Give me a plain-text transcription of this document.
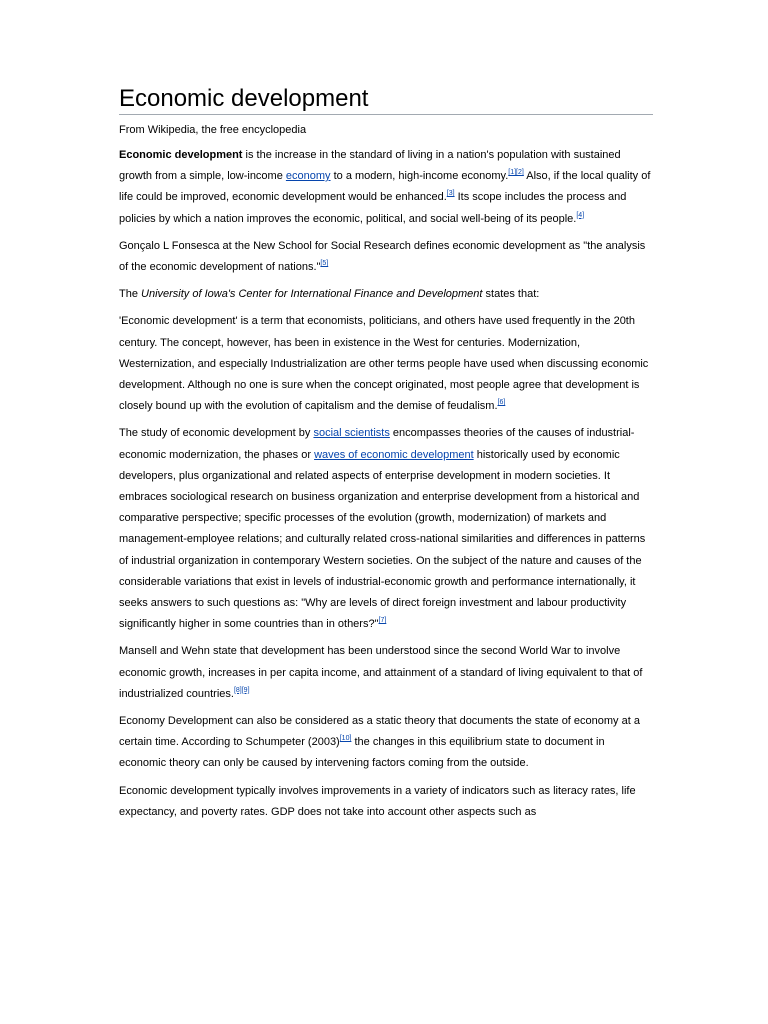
Economic development
From Wikipedia, the free encyclopedia

Economic development is the increase in the standard of living in a nation's population with sustained growth from a simple, low-income economy to a modern, high-income economy.[1][2] Also, if the local quality of life could be improved, economic development would be enhanced.[3] Its scope includes the process and policies by which a nation improves the economic, political, and social well-being of its people.[4]

Gonçalo L Fonsesca at the New School for Social Research defines economic development as "the analysis of the economic development of nations."[5]

The University of Iowa's Center for International Finance and Development states that:

'Economic development' is a term that economists, politicians, and others have used frequently in the 20th century. The concept, however, has been in existence in the West for centuries. Modernization, Westernization, and especially Industrialization are other terms people have used when discussing economic development. Although no one is sure when the concept originated, most people agree that development is closely bound up with the evolution of capitalism and the demise of feudalism.[6]

The study of economic development by social scientists encompasses theories of the causes of industrial-economic modernization, the phases or waves of economic development historically used by economic developers, plus organizational and related aspects of enterprise development in modern societies. It embraces sociological research on business organization and enterprise development from a historical and comparative perspective; specific processes of the evolution (growth, modernization) of markets and management-employee relations; and culturally related cross-national similarities and differences in patterns of industrial organization in contemporary Western societies. On the subject of the nature and causes of the considerable variations that exist in levels of industrial-economic growth and performance internationally, it seeks answers to such questions as: "Why are levels of direct foreign investment and labour productivity significantly higher in some countries than in others?"[7]

Mansell and Wehn state that development has been understood since the second World War to involve economic growth, increases in per capita income, and attainment of a standard of living equivalent to that of industrialized countries.[8][9]

Economy Development can also be considered as a static theory that documents the state of economy at a certain time. According to Schumpeter (2003)[10] the changes in this equilibrium state to document in economic theory can only be caused by intervening factors coming from the outside.

Economic development typically involves improvements in a variety of indicators such as literacy rates, life expectancy, and poverty rates. GDP does not take into account other aspects such as
